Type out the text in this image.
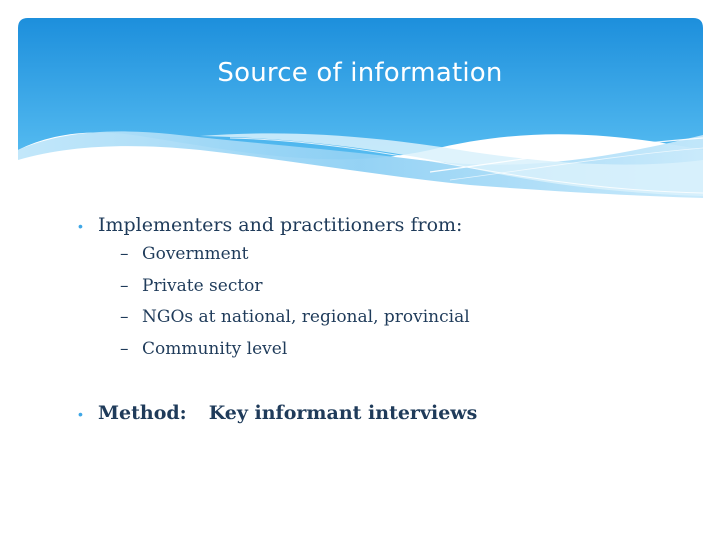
Source of information
• Implementers and practitioners from:
– Government
– Private sector
– NGOs at national, regional, provincial
– Community level
• Method: Key informant interviews
